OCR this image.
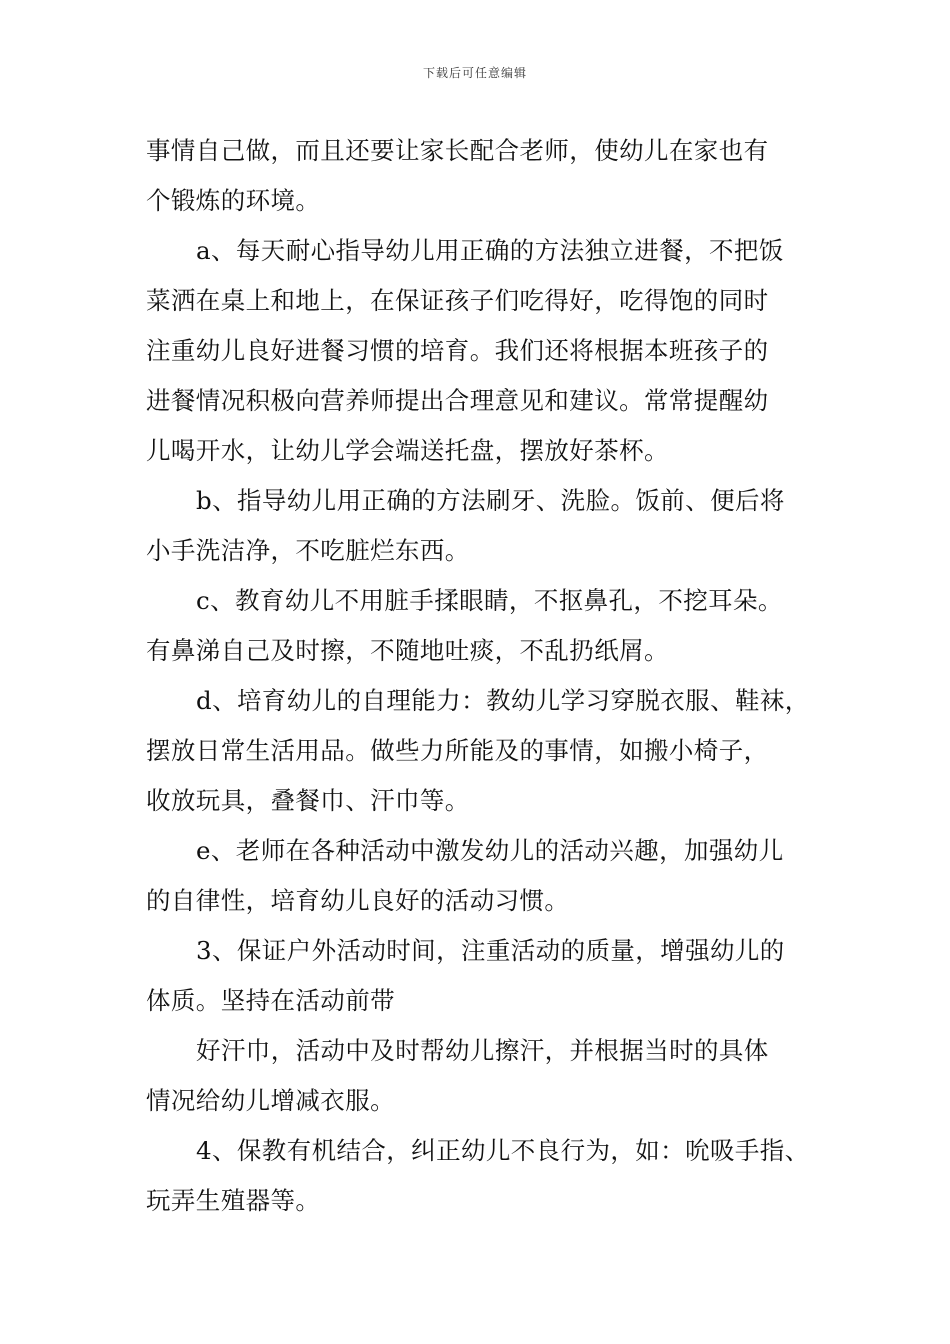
下载后可任意编辑
事情自己做，而且还要让家长配合老师，使幼儿在家也有
个锻炼的环境。
a、每天耐心指导幼儿用正确的方法独立进餐，不把饭
菜洒在桌上和地上，在保证孩子们吃得好，吃得饱的同时
注重幼儿良好进餐习惯的培育。我们还将根据本班孩子的
进餐情况积极向营养师提出合理意见和建议。常常提醒幼
儿喝开水，让幼儿学会端送托盘，摆放好茶杯。
b、指导幼儿用正确的方法刷牙、洗脸。饭前、便后将
小手洗洁净，不吃脏烂东西。
c、教育幼儿不用脏手揉眼睛，不抠鼻孔，不挖耳朵。
有鼻涕自己及时擦，不随地吐痰，不乱扔纸屑。
d、培育幼儿的自理能力：教幼儿学习穿脱衣服、鞋袜，
摆放日常生活用品。做些力所能及的事情，如搬小椅子，
收放玩具，叠餐巾、汗巾等。
e、老师在各种活动中激发幼儿的活动兴趣，加强幼儿
的自律性，培育幼儿良好的活动习惯。
3、保证户外活动时间，注重活动的质量，增强幼儿的
体质。坚持在活动前带
好汗巾，活动中及时帮幼儿擦汗，并根据当时的具体
情况给幼儿增减衣服。
4、保教有机结合，纠正幼儿不良行为，如：吮吸手指、
玩弄生殖器等。
